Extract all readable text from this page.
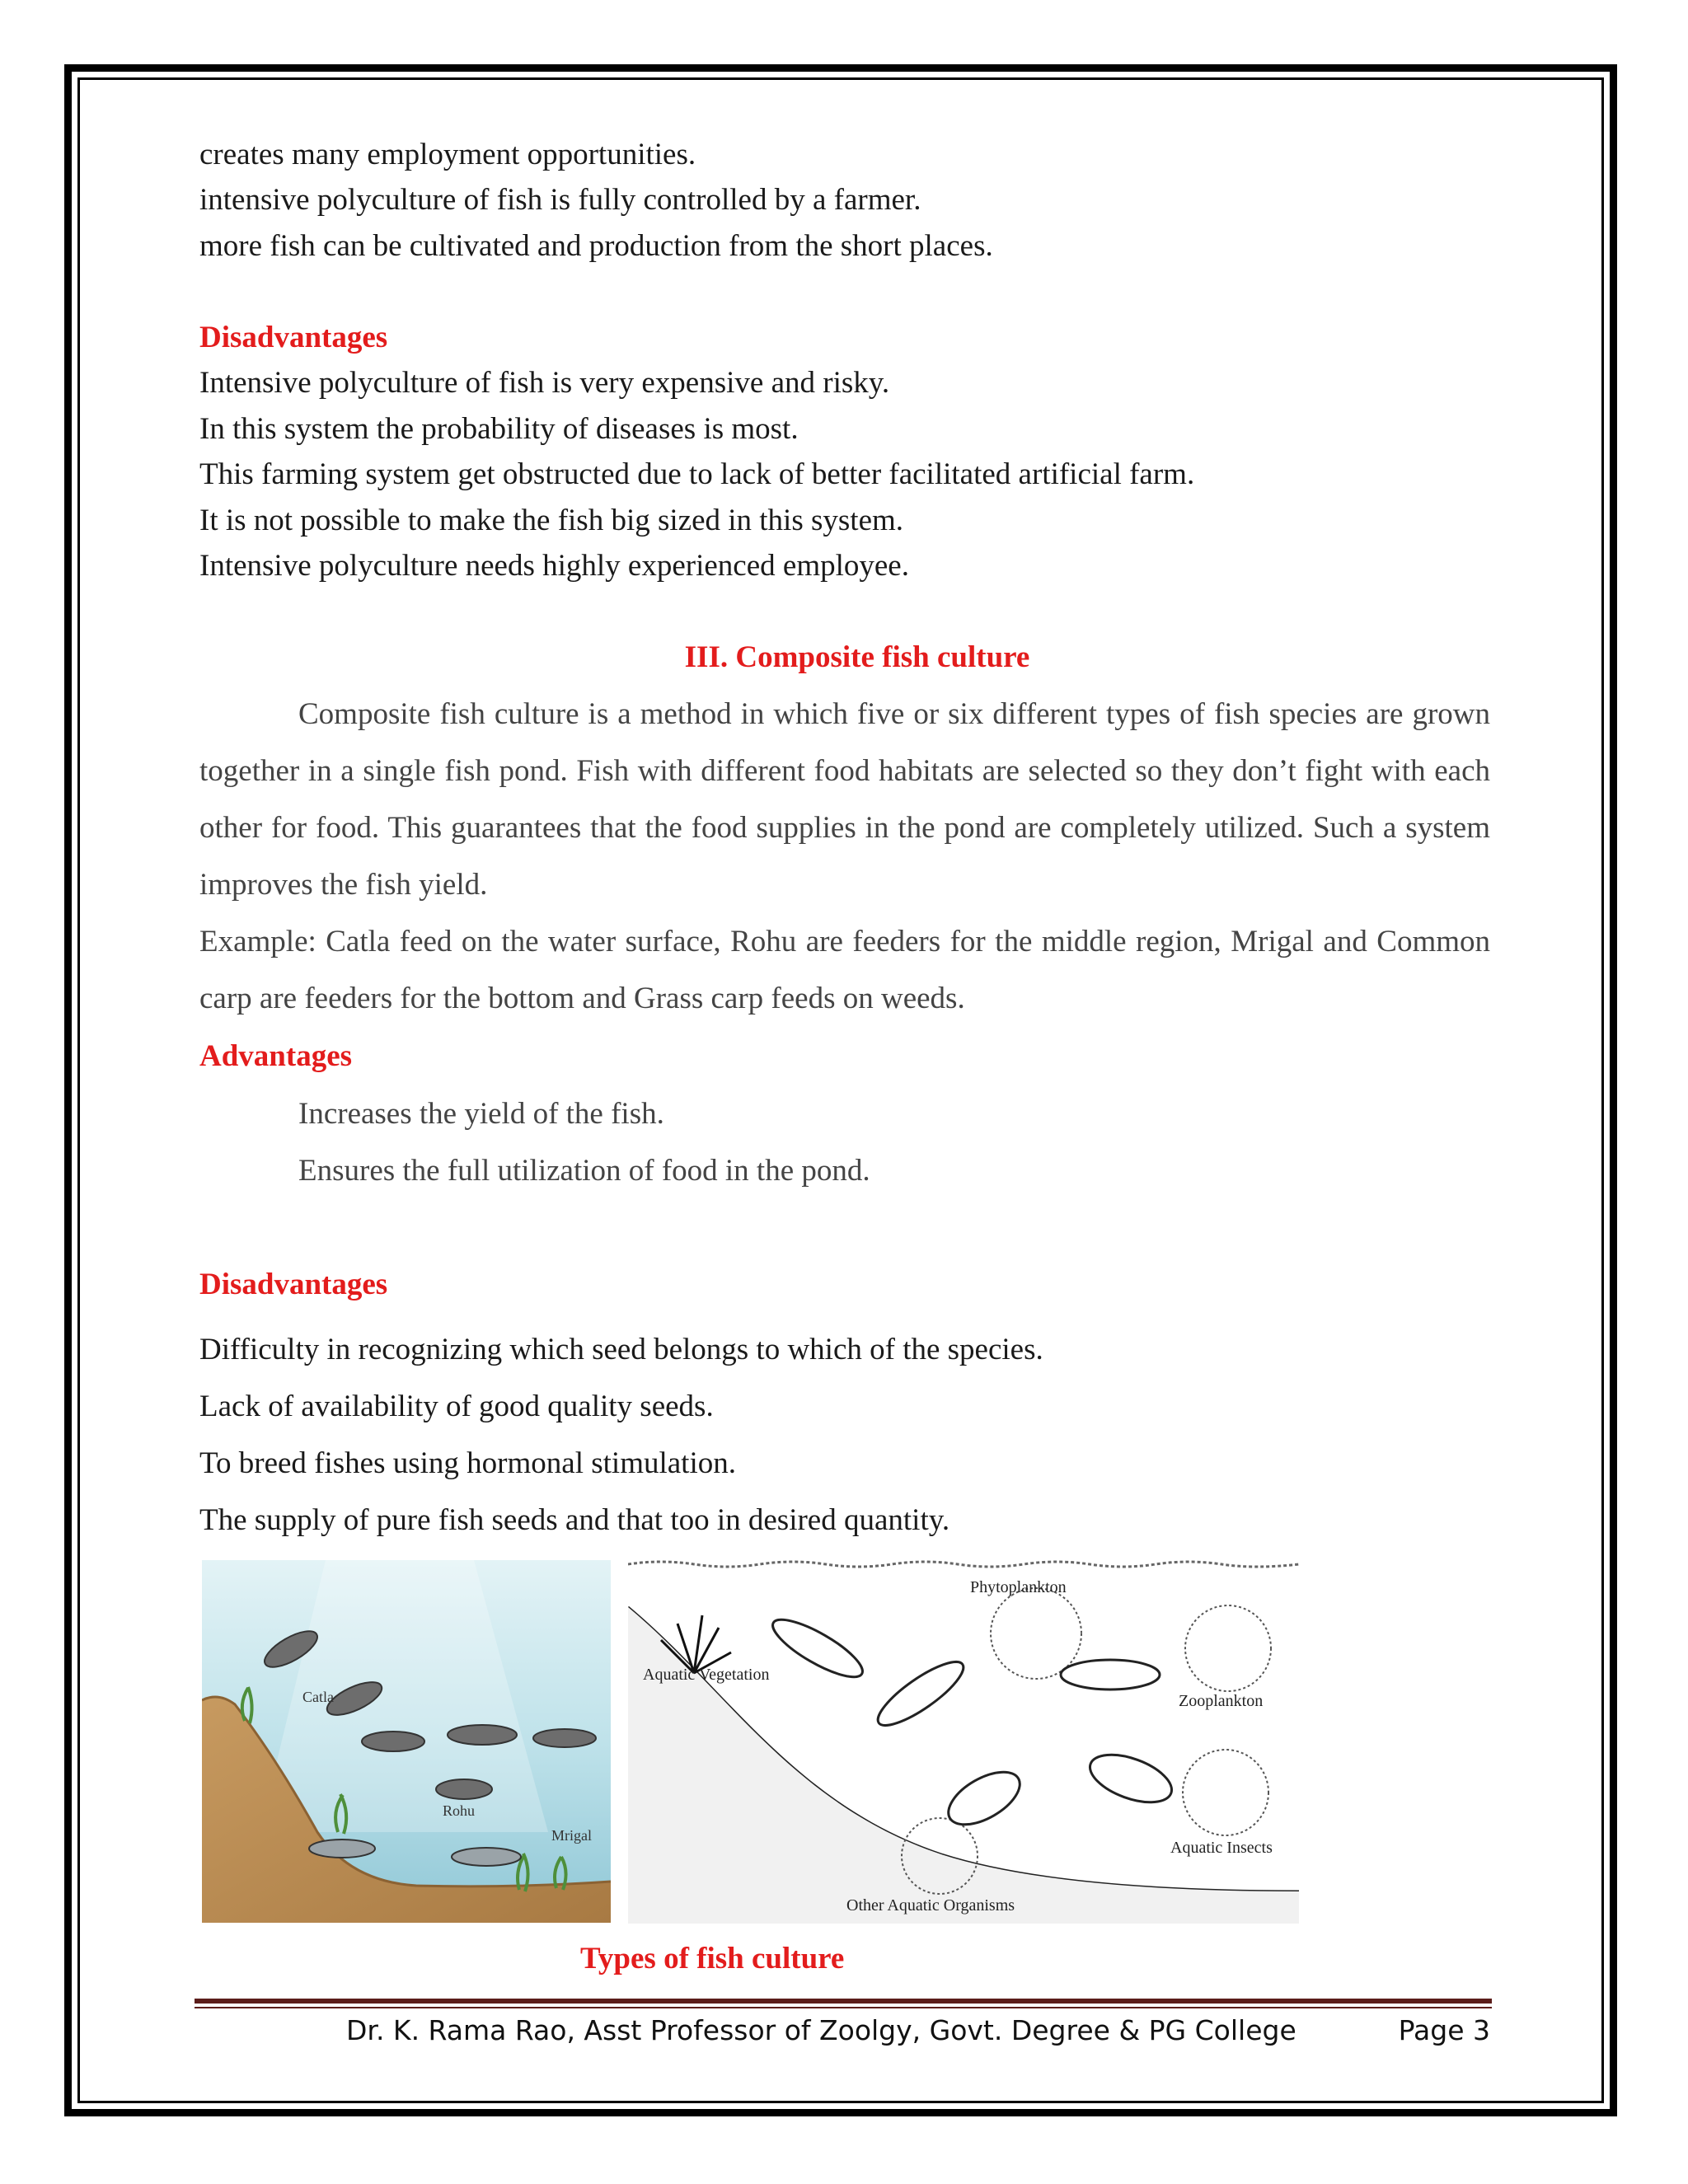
creates many employment opportunities.
intensive polyculture of fish is fully controlled by a farmer.
more fish can be cultivated and production from the short places.
Disadvantages
Intensive polyculture of fish is very expensive and risky.
In this system the probability of diseases is most.
This farming system get obstructed due to lack of better facilitated artificial farm.
It is not possible to make the fish big sized in this system.
Intensive polyculture needs highly experienced employee.
III. Composite fish culture
Composite fish culture is a method in which five or six different types of fish species are grown together in a single fish pond. Fish with different food habitats are selected so they don’t fight with each other for food. This guarantees that the food supplies in the pond are completely utilized. Such a system improves the fish yield.
Example: Catla feed on the water surface, Rohu are feeders for the middle region, Mrigal and Common carp are feeders for the bottom and Grass carp feeds on weeds.
Advantages
Increases the yield of the fish.
Ensures the full utilization of food in the pond.
Disadvantages
Difficulty in recognizing which seed belongs to which of the species.
Lack of availability of good quality seeds.
To breed fishes using hormonal stimulation.
The supply of pure fish seeds and that too in desired quantity.
Catla
Rohu
Mrigal
Phytoplankton
Zooplankton
Aquatic Vegetation
Aquatic Insects
Other Aquatic Organisms
Types of fish culture
Dr. K. Rama Rao, Asst Professor of Zoolgy, Govt. Degree & PG College	Page 3
